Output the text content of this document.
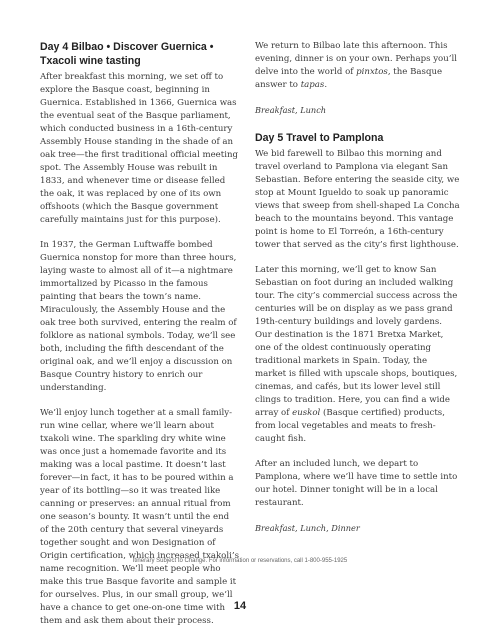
Day 4 Bilbao • Discover Guernica • Txacoli wine tasting

After breakfast this morning, we set off to explore the Basque coast, beginning in Guernica. Established in 1366, Guernica was the eventual seat of the Basque parliament, which conducted business in a 16th-century Assembly House standing in the shade of an oak tree—the first traditional official meeting spot. The Assembly House was rebuilt in 1833, and whenever time or disease felled the oak, it was replaced by one of its own offshoots (which the Basque government carefully maintains just for this purpose).

In 1937, the German Luftwaffe bombed Guernica nonstop for more than three hours, laying waste to almost all of it—a nightmare immortalized by Picasso in the famous painting that bears the town’s name. Miraculously, the Assembly House and the oak tree both survived, entering the realm of folklore as national symbols. Today, we’ll see both, including the fifth descendant of the original oak, and we’ll enjoy a discussion on Basque Country history to enrich our understanding.

We’ll enjoy lunch together at a small family-run wine cellar, where we’ll learn about txakoli wine. The sparkling dry white wine was once just a homemade favorite and its making was a local pastime. It doesn’t last forever—in fact, it has to be poured within a year of its bottling—so it was treated like canning or preserves: an annual ritual from one season’s bounty. It wasn’t until the end of the 20th century that several vineyards together sought and won Designation of Origin certification, which increased txakoli’s name recognition. We’ll meet people who make this true Basque favorite and sample it for ourselves. Plus, in our small group, we’ll have a chance to get one-on-one time with them and ask them about their process.

We return to Bilbao late this afternoon. This evening, dinner is on your own. Perhaps you’ll delve into the world of pinxtos, the Basque answer to tapas.

Breakfast, Lunch

Day 5 Travel to Pamplona

We bid farewell to Bilbao this morning and travel overland to Pamplona via elegant San Sebastian. Before entering the seaside city, we stop at Mount Igueldo to soak up panoramic views that sweep from shell-shaped La Concha beach to the mountains beyond. This vantage point is home to El Torreón, a 16th-century tower that served as the city’s first lighthouse.

Later this morning, we’ll get to know San Sebastian on foot during an included walking tour. The city’s commercial success across the centuries will be on display as we pass grand 19th-century buildings and lovely gardens. Our destination is the 1871 Bretxa Market, one of the oldest continuously operating traditional markets in Spain. Today, the market is filled with upscale shops, boutiques, cinemas, and cafés, but its lower level still clings to tradition. Here, you can find a wide array of euskol (Basque certified) products, from local vegetables and meats to fresh-caught fish.

After an included lunch, we depart to Pamplona, where we’ll have time to settle into our hotel. Dinner tonight will be in a local restaurant.

Breakfast, Lunch, Dinner

Itinerary Subject to Change. For information or reservations, call 1-800-955-1925
14
